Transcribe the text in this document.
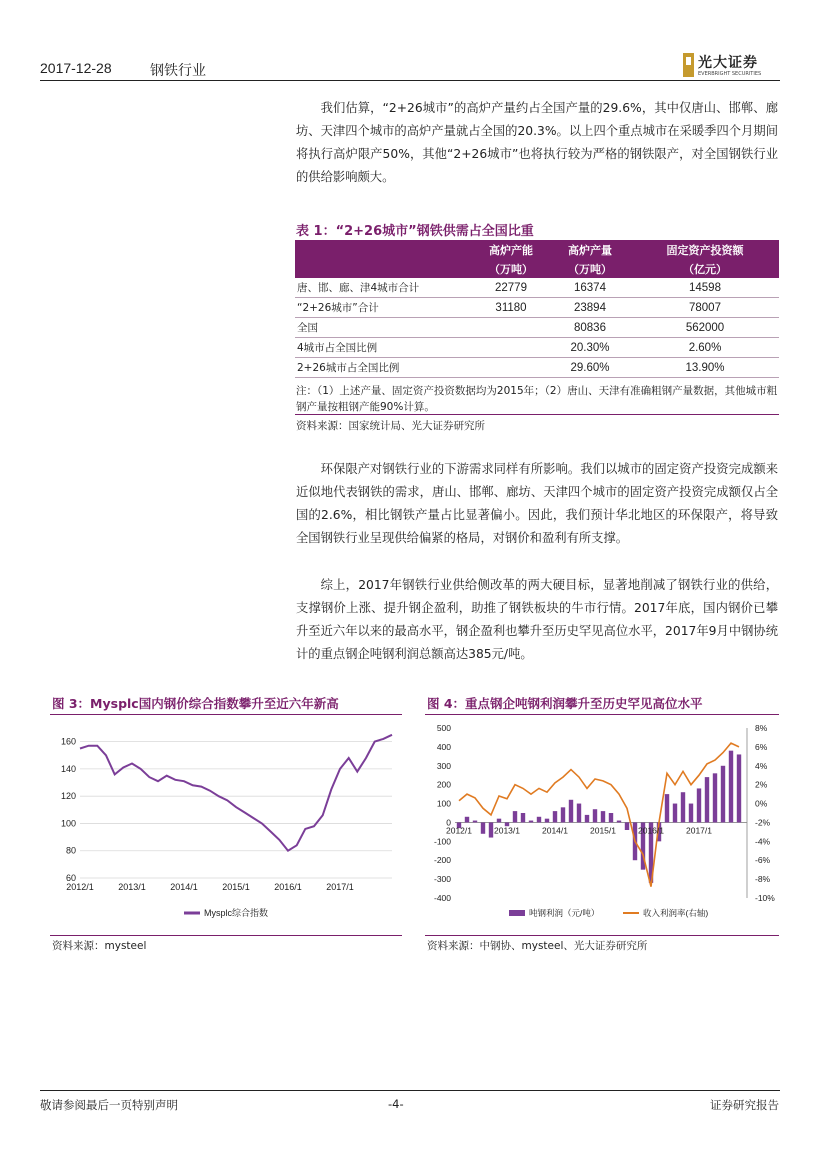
2017-12-28	钢铁行业	光大证券
EVERBRIGHT SECURITIES

我们估算，“2+26城市”的高炉产量约占全国产量的29.6%，其中仅唐山、邯郸、廊坊、天津四个城市的高炉产量就占全国的20.3%。以上四个重点城市在采暖季四个月期间将执行高炉限产50%，其他“2+26城市”也将执行较为严格的钢铁限产，对全国钢铁行业的供给影响颇大。

表 1：“2+26城市”钢铁供需占全国比重
	高炉产能	高炉产量	固定资产投资额
	（万吨）	（万吨）	（亿元）
唐、邯、廊、津4城市合计	22779	16374	14598
“2+26城市”合计	31180	23894	78007
全国		80836	562000
4城市占全国比例		20.30%	2.60%
2+26城市占全国比例		29.60%	13.90%
注：（1）上述产量、固定资产投资数据均为2015年；（2）唐山、天津有准确粗钢产量数据，其他城市粗钢产量按粗钢产能90%计算。
资料来源：国家统计局、光大证券研究所

环保限产对钢铁行业的下游需求同样有所影响。我们以城市的固定资产投资完成额来近似地代表钢铁的需求，唐山、邯郸、廊坊、天津四个城市的固定资产投资完成额仅占全国的2.6%，相比钢铁产量占比显著偏小。因此，我们预计华北地区的环保限产，将导致全国钢铁行业呈现供给偏紧的格局，对钢价和盈利有所支撑。

综上，2017年钢铁行业供给侧改革的两大硬目标，显著地削减了钢铁行业的供给，支撑钢价上涨、提升钢企盈利，助推了钢铁板块的牛市行情。2017年底，国内钢价已攀升至近六年以来的最高水平，钢企盈利也攀升至历史罕见高位水平，2017年9月中钢协统计的重点钢企吨钢利润总额高达385元/吨。

图 3：Mysplc国内钢价综合指数攀升至近六年新高
60
80
100
120
140
160
2012/1	2013/1	2014/1	2015/1	2016/1	2017/1
Mysplc综合指数
资料来源：mysteel
图 4：重点钢企吨钢利润攀升至历史罕见高位水平
-400
-300
-200
-100
0
100
200
300
400
500
-10%
-8%
-6%
-4%
-2%
0%
2%
4%
6%
8%
2012/1	2013/1	2014/1	2015/1	2016/1	2017/1
吨钢利润（元/吨）	收入利润率(右轴)
资料来源：中钢协、mysteel、光大证券研究所
敬请参阅最后一页特别声明	-4-	证券研究报告
